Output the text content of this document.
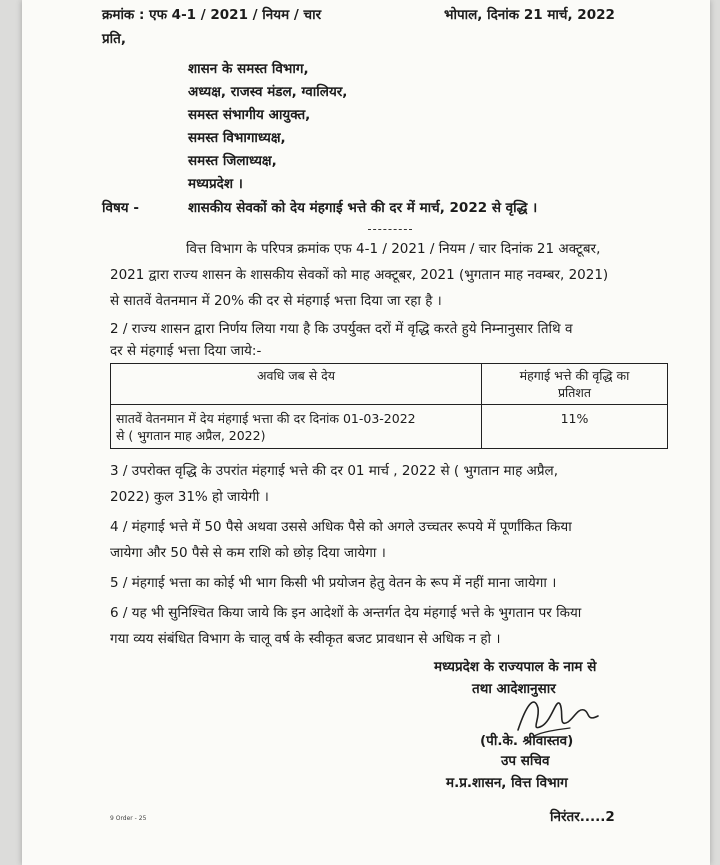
क्रमांक : एफ 4-1 / 2021 / नियम / चार	भोपाल, दिनांक 21 मार्च, 2022
प्रति,
शासन के समस्त विभाग,
अध्यक्ष, राजस्व मंडल, ग्वालियर,
समस्त संभागीय आयुक्त,
समस्त विभागाध्यक्ष,
समस्त जिलाध्यक्ष,
मध्यप्रदेश ।
विषय -	शासकीय सेवकों को देय मंहगाई भत्ते की दर में मार्च, 2022 से वृद्धि ।
वित्त विभाग के परिपत्र क्रमांक एफ 4-1 / 2021 / नियम / चार दिनांक 21 अक्टूबर,
2021 द्वारा राज्य शासन के शासकीय सेवकों को माह अक्टूबर, 2021 (भुगतान माह नवम्बर, 2021)
से सातवें वेतनमान में 20% की दर से मंहगाई भत्ता दिया जा रहा है ।
2 / राज्य शासन द्वारा निर्णय लिया गया है कि उपर्युक्त दरों में वृद्धि करते हुये निम्नानुसार तिथि व
दर से मंहगाई भत्ता दिया जाये:-
अवधि जब से देय	मंहगाई भत्ते की वृद्धि का
प्रतिशत
सातवें वेतनमान में देय मंहगाई भत्ता की दर दिनांक 01-03-2022
से ( भुगतान माह अप्रैल, 2022)	11%
3 / उपरोक्त वृद्धि के उपरांत मंहगाई भत्ते की दर 01 मार्च , 2022 से ( भुगतान माह अप्रैल,
2022) कुल 31% हो जायेगी ।
4 / मंहगाई भत्ते में 50 पैसे अथवा उससे अधिक पैसे को अगले उच्चतर रूपये में पूर्णांकित किया
जायेगा और 50 पैसे से कम राशि को छोड़ दिया जायेगा ।
5 / मंहगाई भत्ता का कोई भी भाग किसी भी प्रयोजन हेतु वेतन के रूप में नहीं माना जायेगा ।
6 / यह भी सुनिश्चित किया जाये कि इन आदेशों के अन्तर्गत देय मंहगाई भत्ते के भुगतान पर किया
गया व्यय संबंधित विभाग के चालू वर्ष के स्वीकृत बजट प्रावधान से अधिक न हो ।
मध्यप्रदेश के राज्यपाल के नाम से
तथा आदेशानुसार
(पी.के. श्रीवास्तव)
उप सचिव
म.प्र.शासन, वित्त विभाग
9 Order - 25	निरंतर.....2
